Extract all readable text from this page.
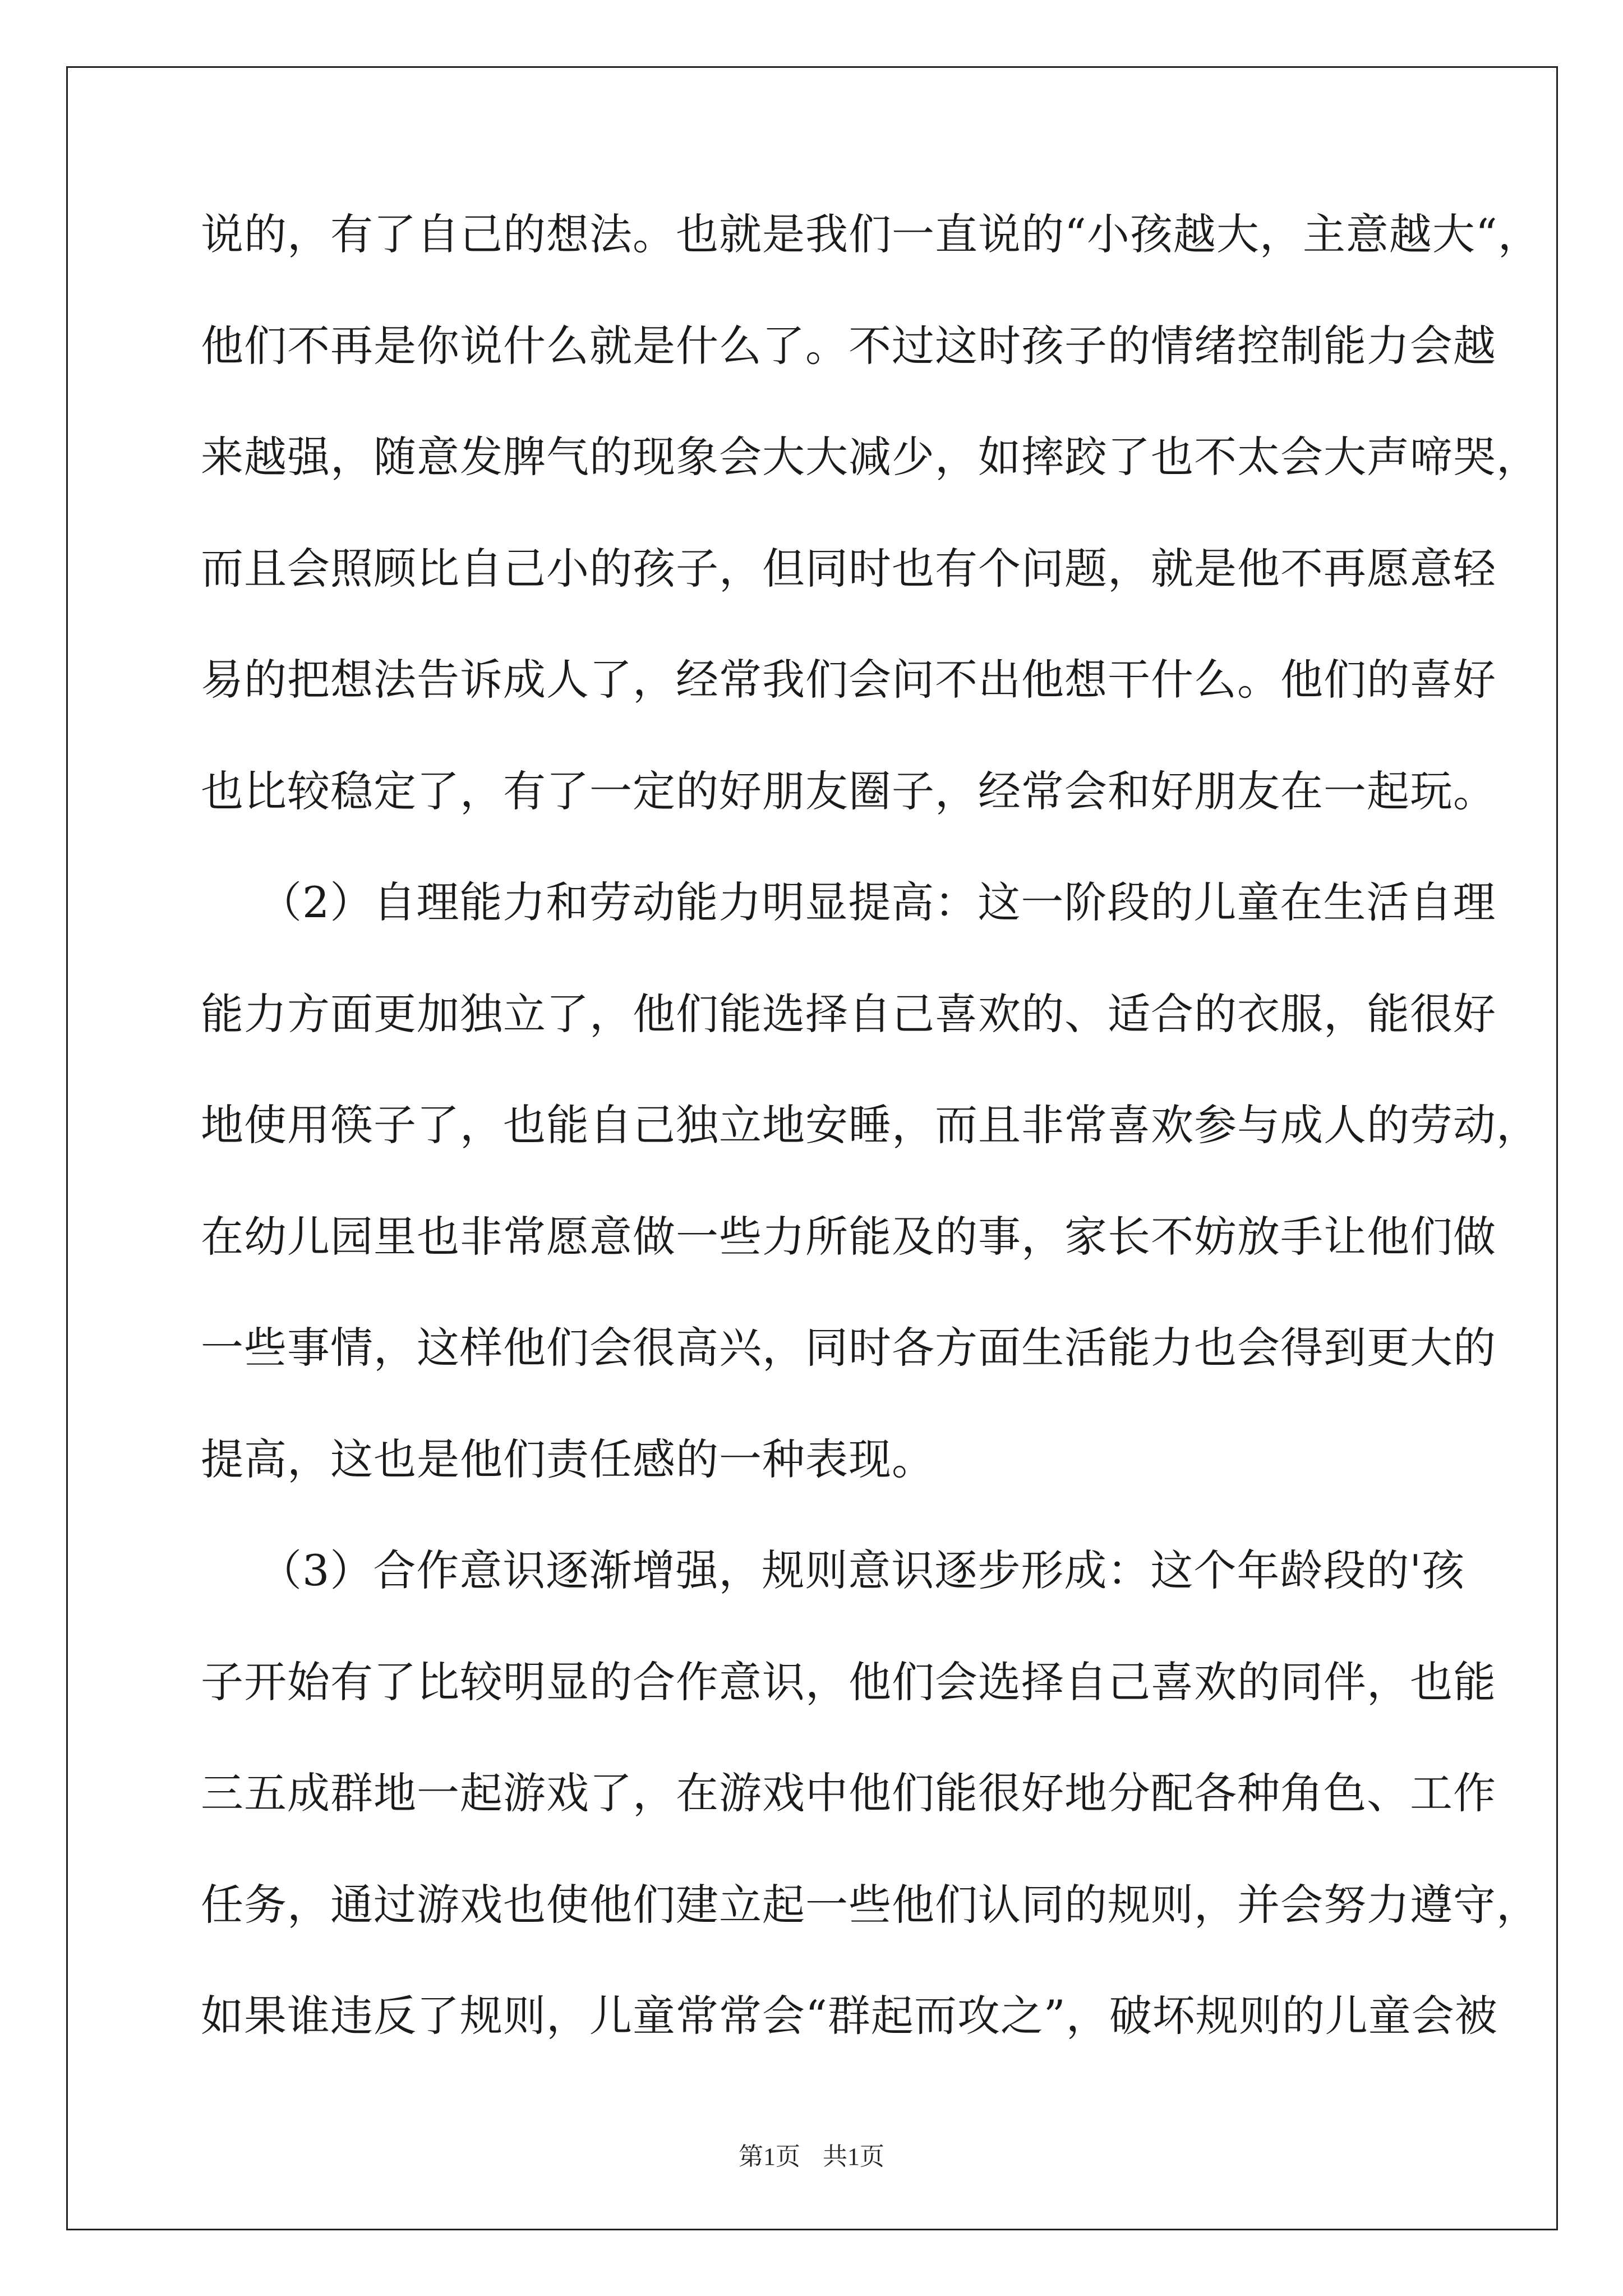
说的，有了自己的想法。也就是我们一直说的“小孩越大，主意越大“，
他们不再是你说什么就是什么了。不过这时孩子的情绪控制能力会越
来越强，随意发脾气的现象会大大减少，如摔跤了也不太会大声啼哭，
而且会照顾比自己小的孩子，但同时也有个问题，就是他不再愿意轻
易的把想法告诉成人了，经常我们会问不出他想干什么。他们的喜好
也比较稳定了，有了一定的好朋友圈子，经常会和好朋友在一起玩。
（2）自理能力和劳动能力明显提高：这一阶段的儿童在生活自理
能力方面更加独立了，他们能选择自己喜欢的、适合的衣服，能很好
地使用筷子了，也能自己独立地安睡，而且非常喜欢参与成人的劳动，
在幼儿园里也非常愿意做一些力所能及的事，家长不妨放手让他们做
一些事情，这样他们会很高兴，同时各方面生活能力也会得到更大的
提高，这也是他们责任感的一种表现。
（3）合作意识逐渐增强，规则意识逐步形成：这个年龄段的'孩
子开始有了比较明显的合作意识，他们会选择自己喜欢的同伴，也能
三五成群地一起游戏了，在游戏中他们能很好地分配各种角色、工作
任务，通过游戏也使他们建立起一些他们认同的规则，并会努力遵守，
如果谁违反了规则，儿童常常会“群起而攻之”，破坏规则的儿童会被
第1页 共1页
